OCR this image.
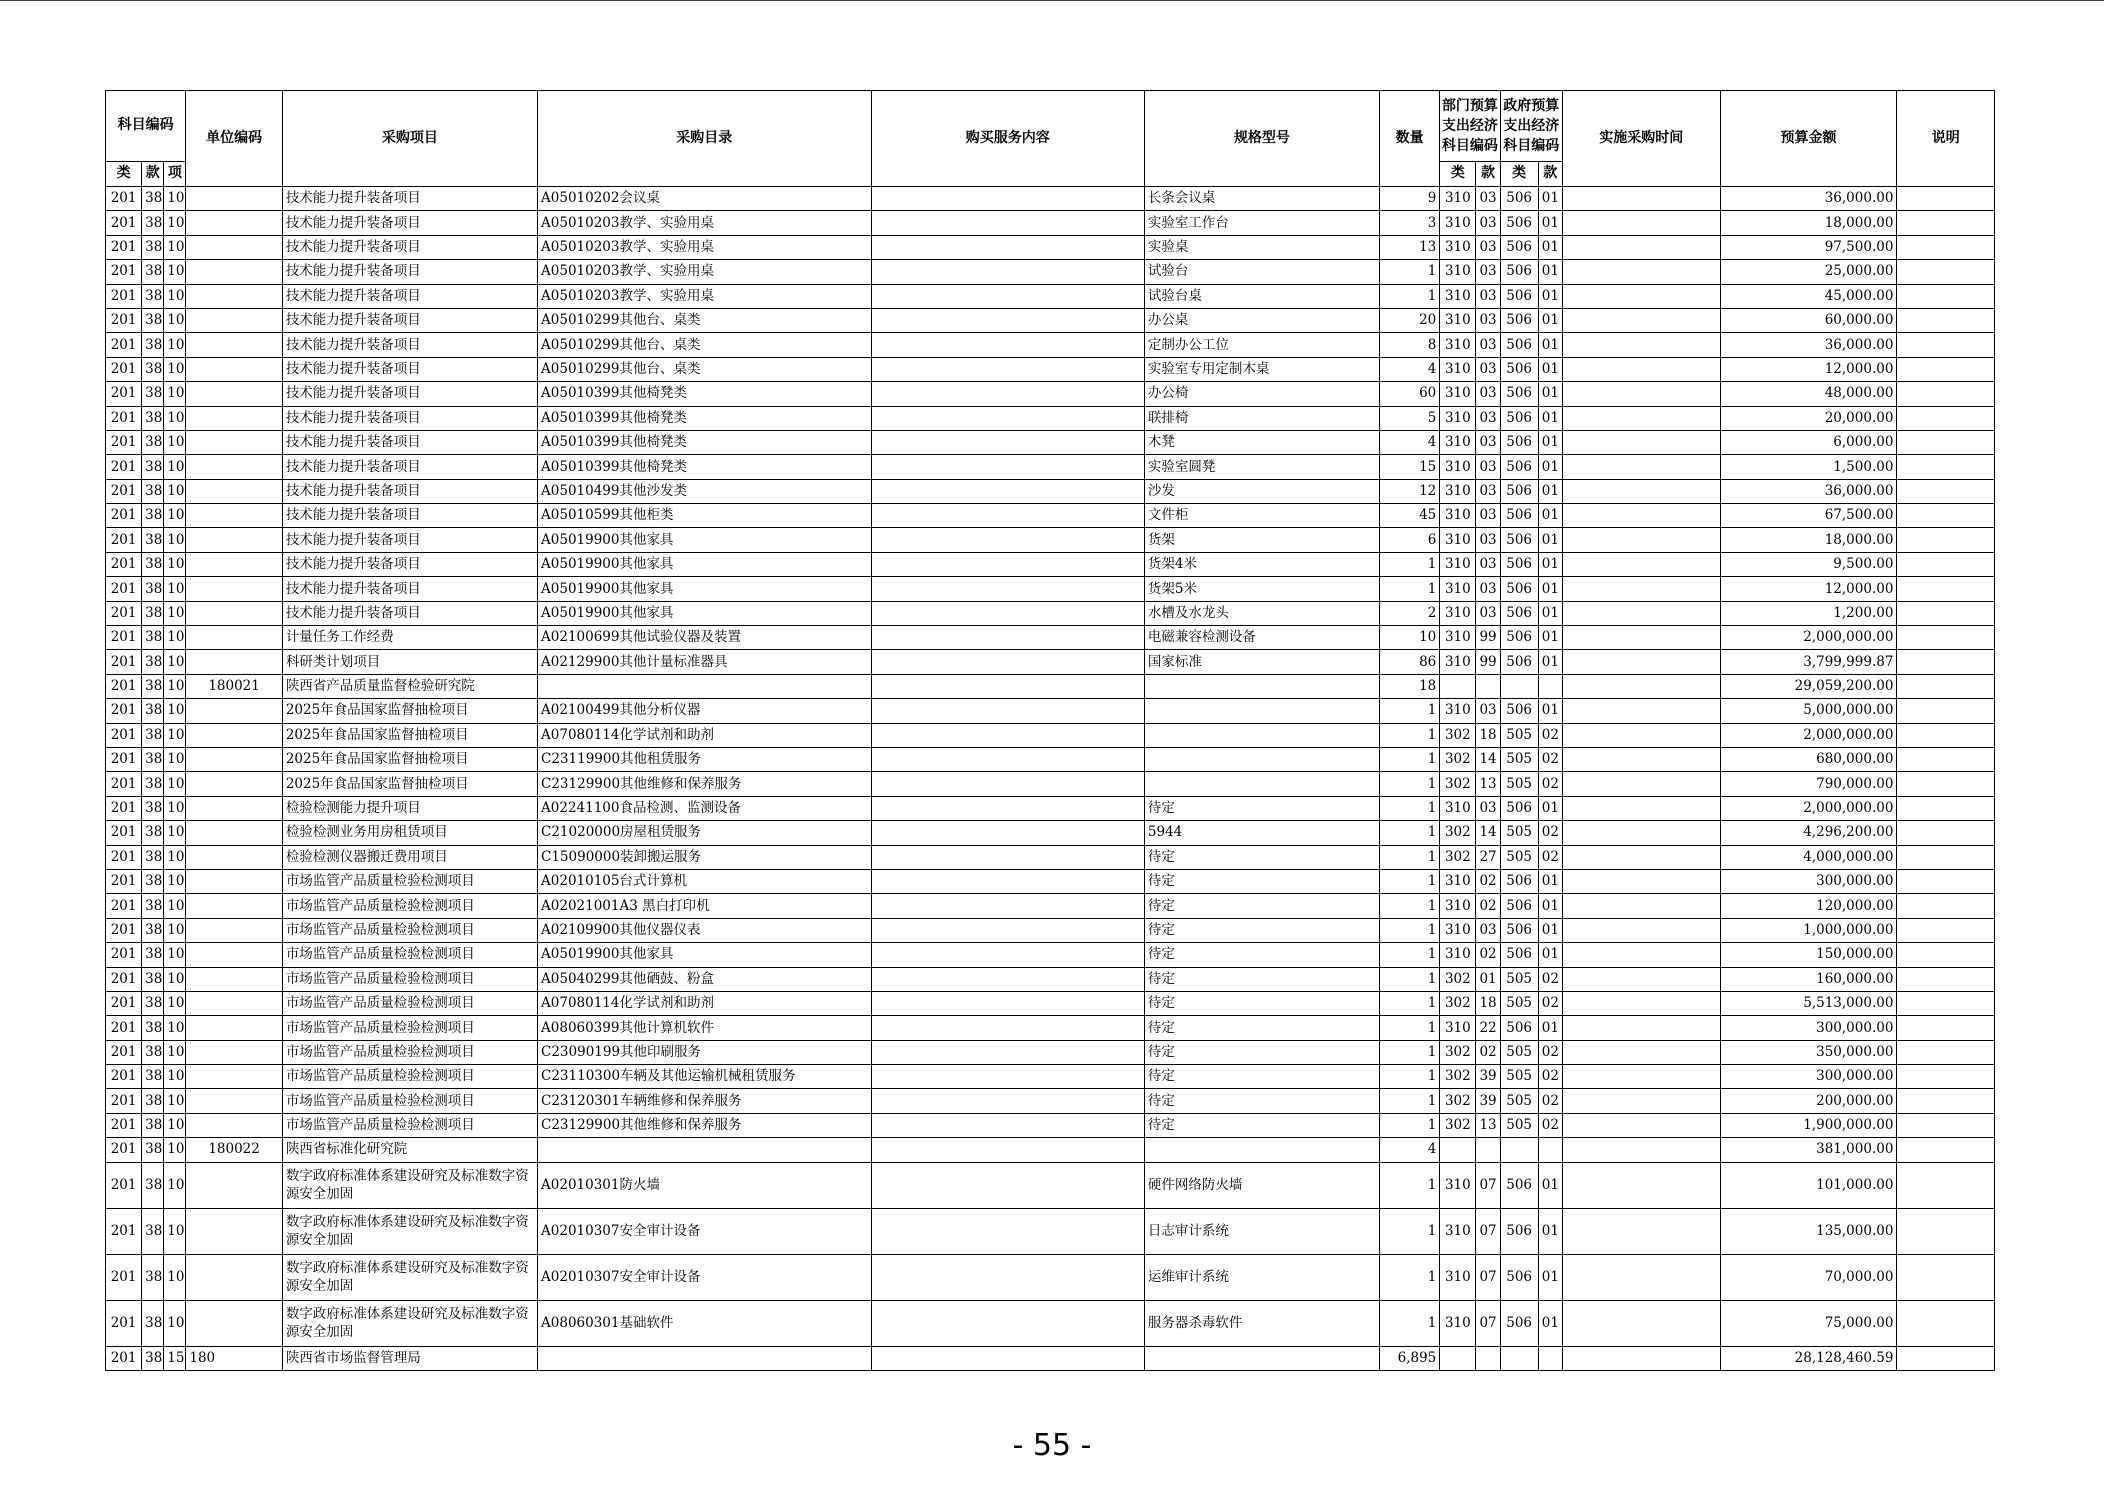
科目编码			单位编码	采购项目	采购目录	购买服务内容	规格型号	数量	部门预算支出经济科目编码		政府预算支出经济科目编码		实施采购时间	预算金额	说明
类	款	项							类	款	类	款			
201	38	10		技术能力提升装备项目	A05010202会议桌		长条会议桌	9	310	03	506	01		36,000.00	
201	38	10		技术能力提升装备项目	A05010203教学、实验用桌		实验室工作台	3	310	03	506	01		18,000.00	
201	38	10		技术能力提升装备项目	A05010203教学、实验用桌		实验桌	13	310	03	506	01		97,500.00	
201	38	10		技术能力提升装备项目	A05010203教学、实验用桌		试验台	1	310	03	506	01		25,000.00	
201	38	10		技术能力提升装备项目	A05010203教学、实验用桌		试验台桌	1	310	03	506	01		45,000.00	
201	38	10		技术能力提升装备项目	A05010299其他台、桌类		办公桌	20	310	03	506	01		60,000.00	
201	38	10		技术能力提升装备项目	A05010299其他台、桌类		定制办公工位	8	310	03	506	01		36,000.00	
201	38	10		技术能力提升装备项目	A05010299其他台、桌类		实验室专用定制木桌	4	310	03	506	01		12,000.00	
201	38	10		技术能力提升装备项目	A05010399其他椅凳类		办公椅	60	310	03	506	01		48,000.00	
201	38	10		技术能力提升装备项目	A05010399其他椅凳类		联排椅	5	310	03	506	01		20,000.00	
201	38	10		技术能力提升装备项目	A05010399其他椅凳类		木凳	4	310	03	506	01		6,000.00	
201	38	10		技术能力提升装备项目	A05010399其他椅凳类		实验室圆凳	15	310	03	506	01		1,500.00	
201	38	10		技术能力提升装备项目	A05010499其他沙发类		沙发	12	310	03	506	01		36,000.00	
201	38	10		技术能力提升装备项目	A05010599其他柜类		文件柜	45	310	03	506	01		67,500.00	
201	38	10		技术能力提升装备项目	A05019900其他家具		货架	6	310	03	506	01		18,000.00	
201	38	10		技术能力提升装备项目	A05019900其他家具		货架4米	1	310	03	506	01		9,500.00	
201	38	10		技术能力提升装备项目	A05019900其他家具		货架5米	1	310	03	506	01		12,000.00	
201	38	10		技术能力提升装备项目	A05019900其他家具		水槽及水龙头	2	310	03	506	01		1,200.00	
201	38	10		计量任务工作经费	A02100699其他试验仪器及装置		电磁兼容检测设备	10	310	99	506	01		2,000,000.00	
201	38	10		科研类计划项目	A02129900其他计量标准器具		国家标准	86	310	99	506	01		3,799,999.87	
201	38	10	180021	陕西省产品质量监督检验研究院				18						29,059,200.00	
201	38	10		2025年食品国家监督抽检项目	A02100499其他分析仪器			1	310	03	506	01		5,000,000.00	
201	38	10		2025年食品国家监督抽检项目	A07080114化学试剂和助剂			1	302	18	505	02		2,000,000.00	
201	38	10		2025年食品国家监督抽检项目	C23119900其他租赁服务			1	302	14	505	02		680,000.00	
201	38	10		2025年食品国家监督抽检项目	C23129900其他维修和保养服务			1	302	13	505	02		790,000.00	
201	38	10		检验检测能力提升项目	A02241100食品检测、监测设备		待定	1	310	03	506	01		2,000,000.00	
201	38	10		检验检测业务用房租赁项目	C21020000房屋租赁服务		5944	1	302	14	505	02		4,296,200.00	
201	38	10		检验检测仪器搬迁费用项目	C15090000装卸搬运服务		待定	1	302	27	505	02		4,000,000.00	
201	38	10		市场监管产品质量检验检测项目	A02010105台式计算机		待定	1	310	02	506	01		300,000.00	
201	38	10		市场监管产品质量检验检测项目	A02021001A3 黑白打印机		待定	1	310	02	506	01		120,000.00	
201	38	10		市场监管产品质量检验检测项目	A02109900其他仪器仪表		待定	1	310	03	506	01		1,000,000.00	
201	38	10		市场监管产品质量检验检测项目	A05019900其他家具		待定	1	310	02	506	01		150,000.00	
201	38	10		市场监管产品质量检验检测项目	A05040299其他硒鼓、粉盒		待定	1	302	01	505	02		160,000.00	
201	38	10		市场监管产品质量检验检测项目	A07080114化学试剂和助剂		待定	1	302	18	505	02		5,513,000.00	
201	38	10		市场监管产品质量检验检测项目	A08060399其他计算机软件		待定	1	310	22	506	01		300,000.00	
201	38	10		市场监管产品质量检验检测项目	C23090199其他印刷服务		待定	1	302	02	505	02		350,000.00	
201	38	10		市场监管产品质量检验检测项目	C23110300车辆及其他运输机械租赁服务		待定	1	302	39	505	02		300,000.00	
201	38	10		市场监管产品质量检验检测项目	C23120301车辆维修和保养服务		待定	1	302	39	505	02		200,000.00	
201	38	10		市场监管产品质量检验检测项目	C23129900其他维修和保养服务		待定	1	302	13	505	02		1,900,000.00	
201	38	10	180022	陕西省标准化研究院				4						381,000.00	
201	38	10		数字政府标准体系建设研究及标准数字资源安全加固	A02010301防火墙		硬件网络防火墙	1	310	07	506	01		101,000.00	
201	38	10		数字政府标准体系建设研究及标准数字资源安全加固	A02010307安全审计设备		日志审计系统	1	310	07	506	01		135,000.00	
201	38	10		数字政府标准体系建设研究及标准数字资源安全加固	A02010307安全审计设备		运维审计系统	1	310	07	506	01		70,000.00	
201	38	10		数字政府标准体系建设研究及标准数字资源安全加固	A08060301基础软件		服务器杀毒软件	1	310	07	506	01		75,000.00	
201	38	15	180	陕西省市场监督管理局				6,895						28,128,460.59	
- 55 -
